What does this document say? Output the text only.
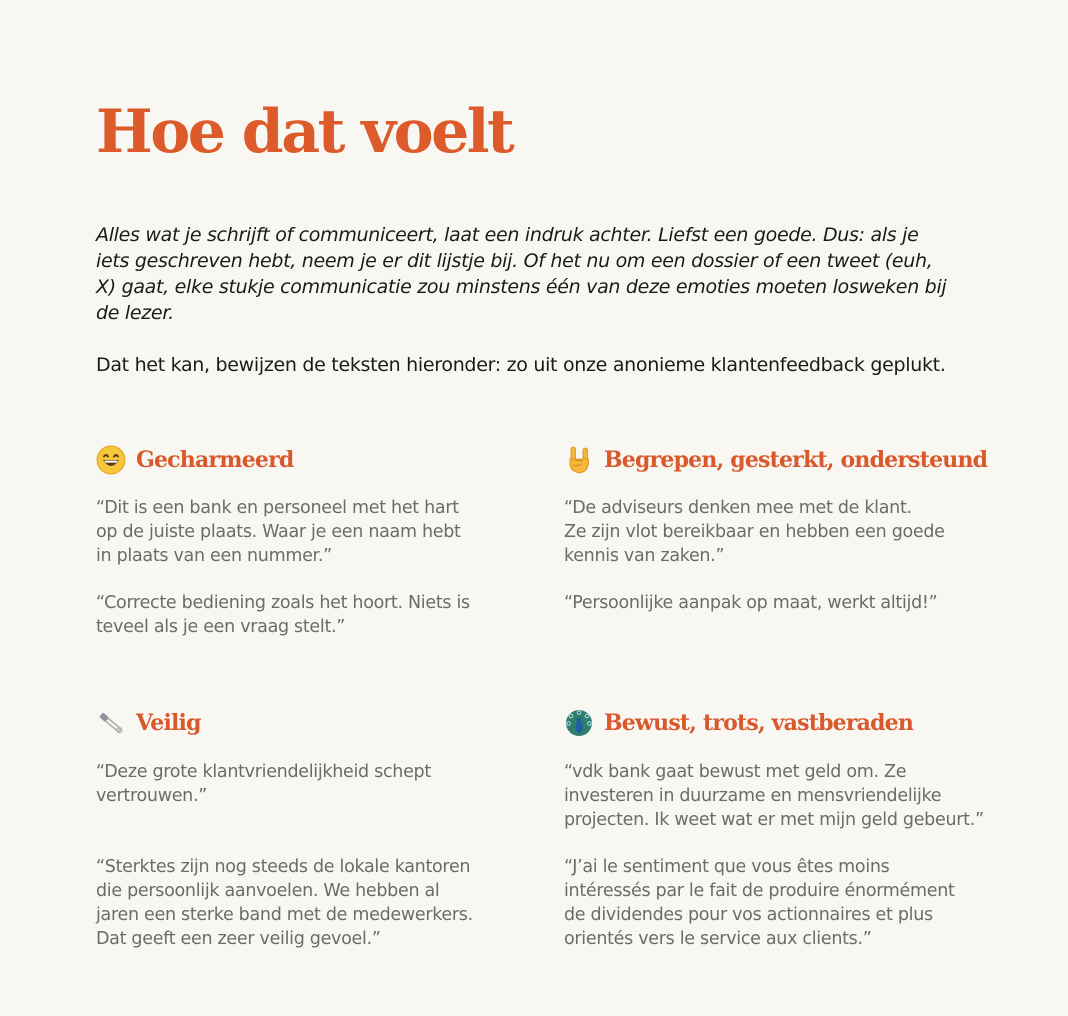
Hoe dat voelt

Alles wat je schrijft of communiceert, laat een indruk achter. Liefst een goede. Dus: als je iets geschreven hebt, neem je er dit lijstje bij. Of het nu om een dossier of een tweet (euh, X) gaat, elke stukje communicatie zou minstens één van deze emoties moeten losweken bij de lezer.

Dat het kan, bewijzen de teksten hieronder: zo uit onze anonieme klantenfeedback geplukt.

Gecharmeerd

“Dit is een bank en personeel met het hart
op de juiste plaats. Waar je een naam hebt
in plaats van een nummer.”

“Correcte bediening zoals het hoort. Niets is
teveel als je een vraag stelt.”

Begrepen, gesterkt, ondersteund

“De adviseurs denken mee met de klant.
Ze zijn vlot bereikbaar en hebben een goede
kennis van zaken.”

“Persoonlijke aanpak op maat, werkt altijd!”

Veilig

“Deze grote klantvriendelijkheid schept
vertrouwen.”

“Sterktes zijn nog steeds de lokale kantoren
die persoonlijk aanvoelen. We hebben al
jaren een sterke band met de medewerkers.
Dat geeft een zeer veilig gevoel.”

Bewust, trots, vastberaden

“vdk bank gaat bewust met geld om. Ze
investeren in duurzame en mensvriendelijke
projecten. Ik weet wat er met mijn geld gebeurt.”

“J’ai le sentiment que vous êtes moins
intéressés par le fait de produire énormément
de dividendes pour vos actionnaires et plus
orientés vers le service aux clients.”
